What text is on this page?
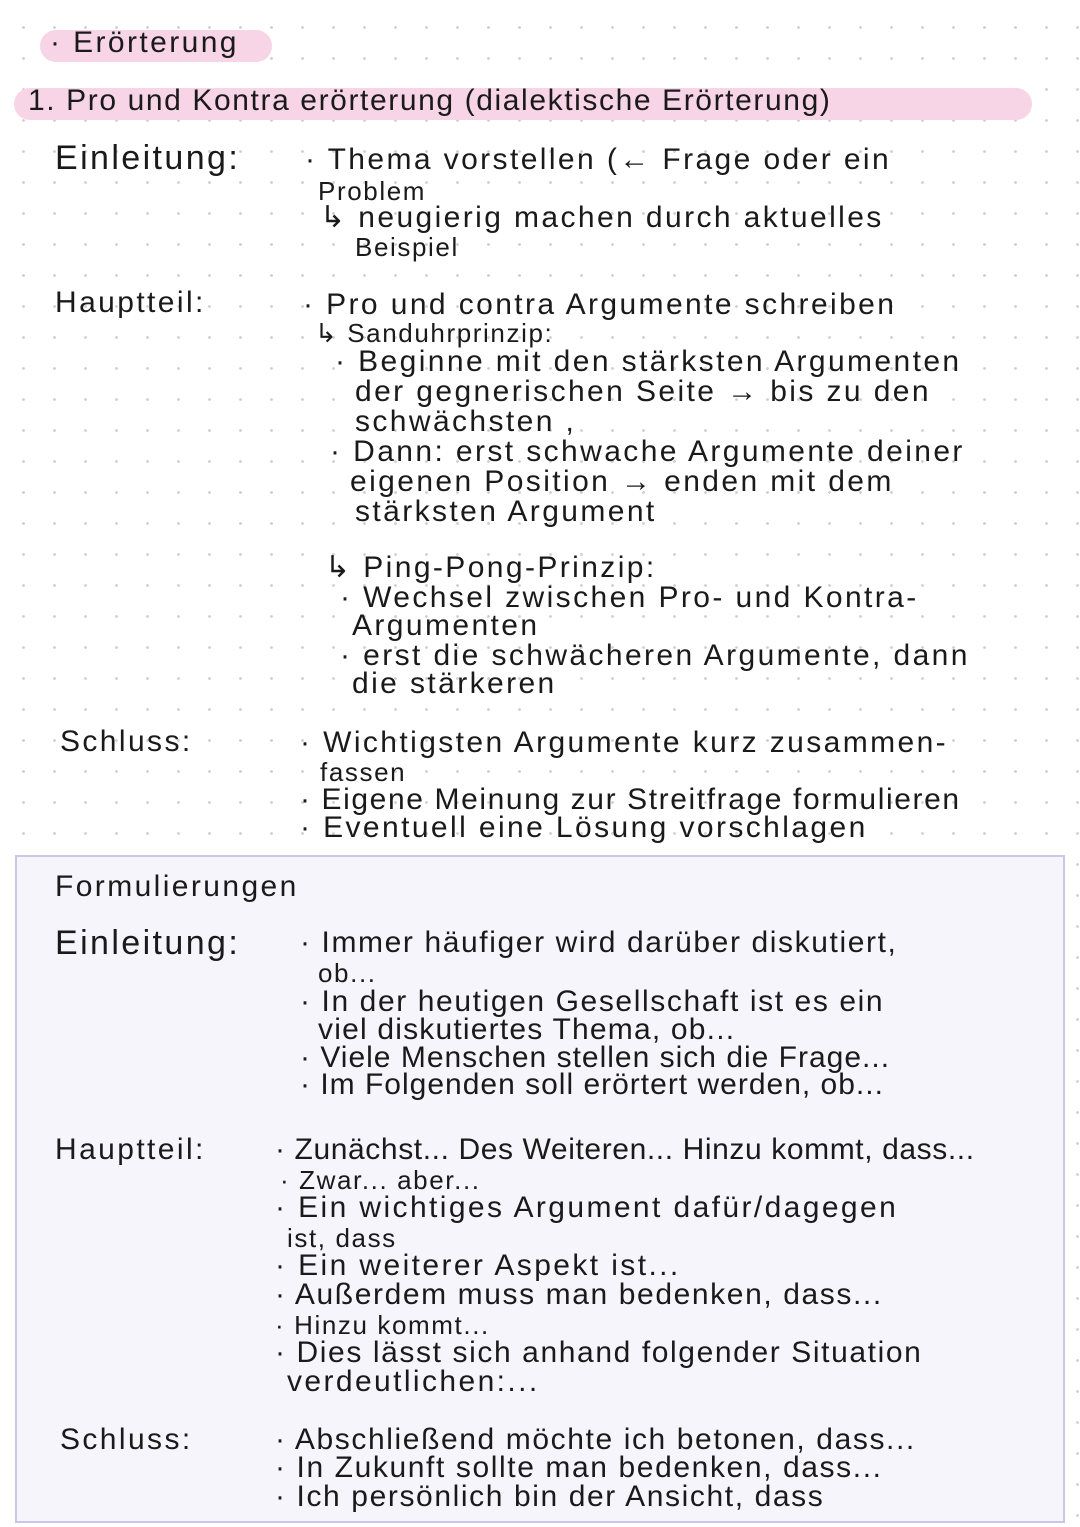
· Erörterung
1. Pro und Kontra erörterung (dialektische Erörterung)
Einleitung: · Thema vorstellen (← Frage oder ein
Problem
↳ neugierig machen durch aktuelles
Beispiel
Hauptteil:	· Pro und contra Argumente schreiben
↳ Sanduhrprinzip:
· Beginne mit den stärksten Argumenten
der gegnerischen Seite → bis zu den
schwächsten ,
· Dann: erst schwache Argumente deiner
eigenen Position → enden mit dem
stärksten Argument
↳ Ping-Pong-Prinzip:
· Wechsel zwischen Pro- und Kontra-
Argumenten
· erst die schwächeren Argumente, dann
die stärkeren
Schluss:	· Wichtigsten Argumente kurz zusammen-
fassen
· Eigene Meinung zur Streitfrage formulieren
· Eventuell eine Lösung vorschlagen
Formulierungen
Einleitung: · Immer häufiger wird darüber diskutiert,
ob...
· In der heutigen Gesellschaft ist es ein
viel diskutiertes Thema, ob...
· Viele Menschen stellen sich die Frage...
· Im Folgenden soll erörtert werden, ob...
Hauptteil: · Zunächst... Des Weiteren... Hinzu kommt, dass...
· Zwar... aber...
· Ein wichtiges Argument dafür/dagegen
ist, dass
· Ein weiterer Aspekt ist...
· Außerdem muss man bedenken, dass...
· Hinzu kommt...
· Dies lässt sich anhand folgender Situation
verdeutlichen:...
Schluss:	· Abschließend möchte ich betonen, dass...
· In Zukunft sollte man bedenken, dass...
· Ich persönlich bin der Ansicht, dass
